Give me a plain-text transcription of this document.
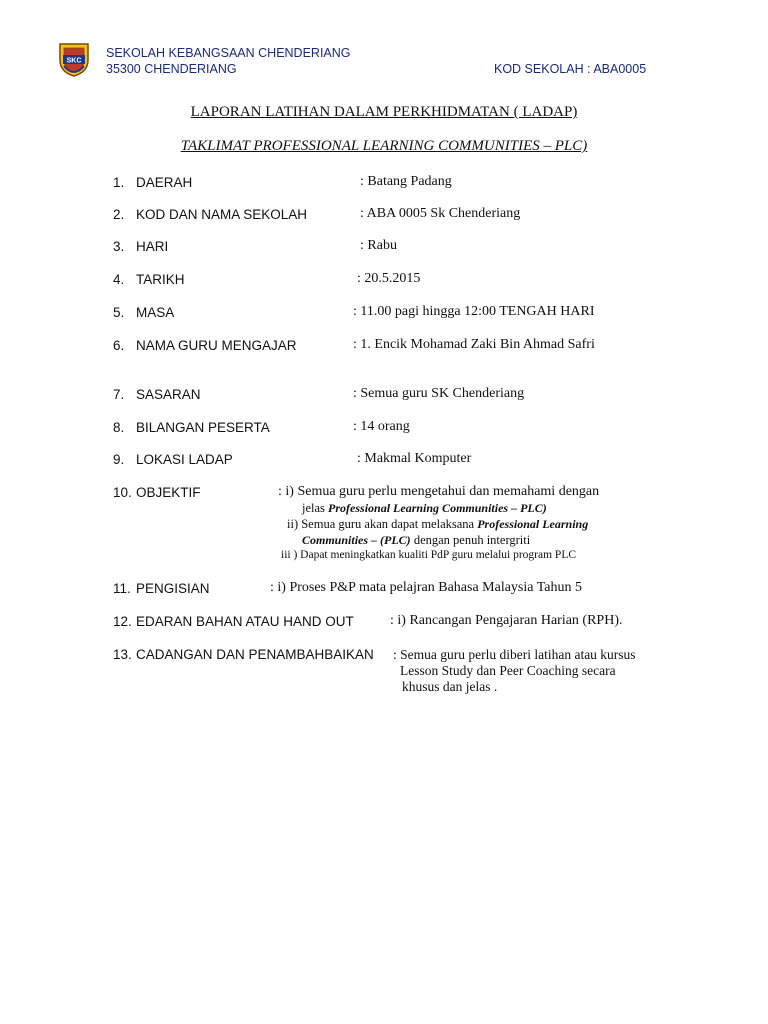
SKC
SEKOLAH KEBANGSAAN CHENDERIANG
35300 CHENDERIANG	KOD SEKOLAH : ABA0005
LAPORAN LATIHAN DALAM PERKHIDMATAN ( LADAP)
TAKLIMAT PROFESSIONAL LEARNING COMMUNITIES – PLC)
1. DAERAH	: Batang Padang
2. KOD DAN NAMA SEKOLAH	: ABA 0005 Sk Chenderiang
3. HARI	: Rabu
4. TARIKH	: 20.5.2015
5. MASA	: 11.00 pagi hingga 12:00 TENGAH HARI
6. NAMA GURU MENGAJAR	: 1. Encik Mohamad Zaki Bin Ahmad Safri
7. SASARAN	: Semua guru SK Chenderiang
8. BILANGAN PESERTA	: 14 orang
9. LOKASI LADAP	: Makmal Komputer
10. OBJEKTIF	: i) Semua guru perlu mengetahui dan memahami dengan
jelas Professional Learning Communities – PLC)
ii) Semua guru akan dapat melaksana Professional Learning
Communities – (PLC) dengan penuh intergriti
iii ) Dapat meningkatkan kualiti PdP guru melalui program PLC
11. PENGISIAN	: i) Proses P&P mata pelajran Bahasa Malaysia Tahun 5
12. EDARAN BAHAN ATAU HAND OUT	: i) Rancangan Pengajaran Harian (RPH).
13. CADANGAN DAN PENAMBAHBAIKAN : Semua guru perlu diberi latihan atau kursus
Lesson Study dan Peer Coaching secara
khusus dan jelas .
